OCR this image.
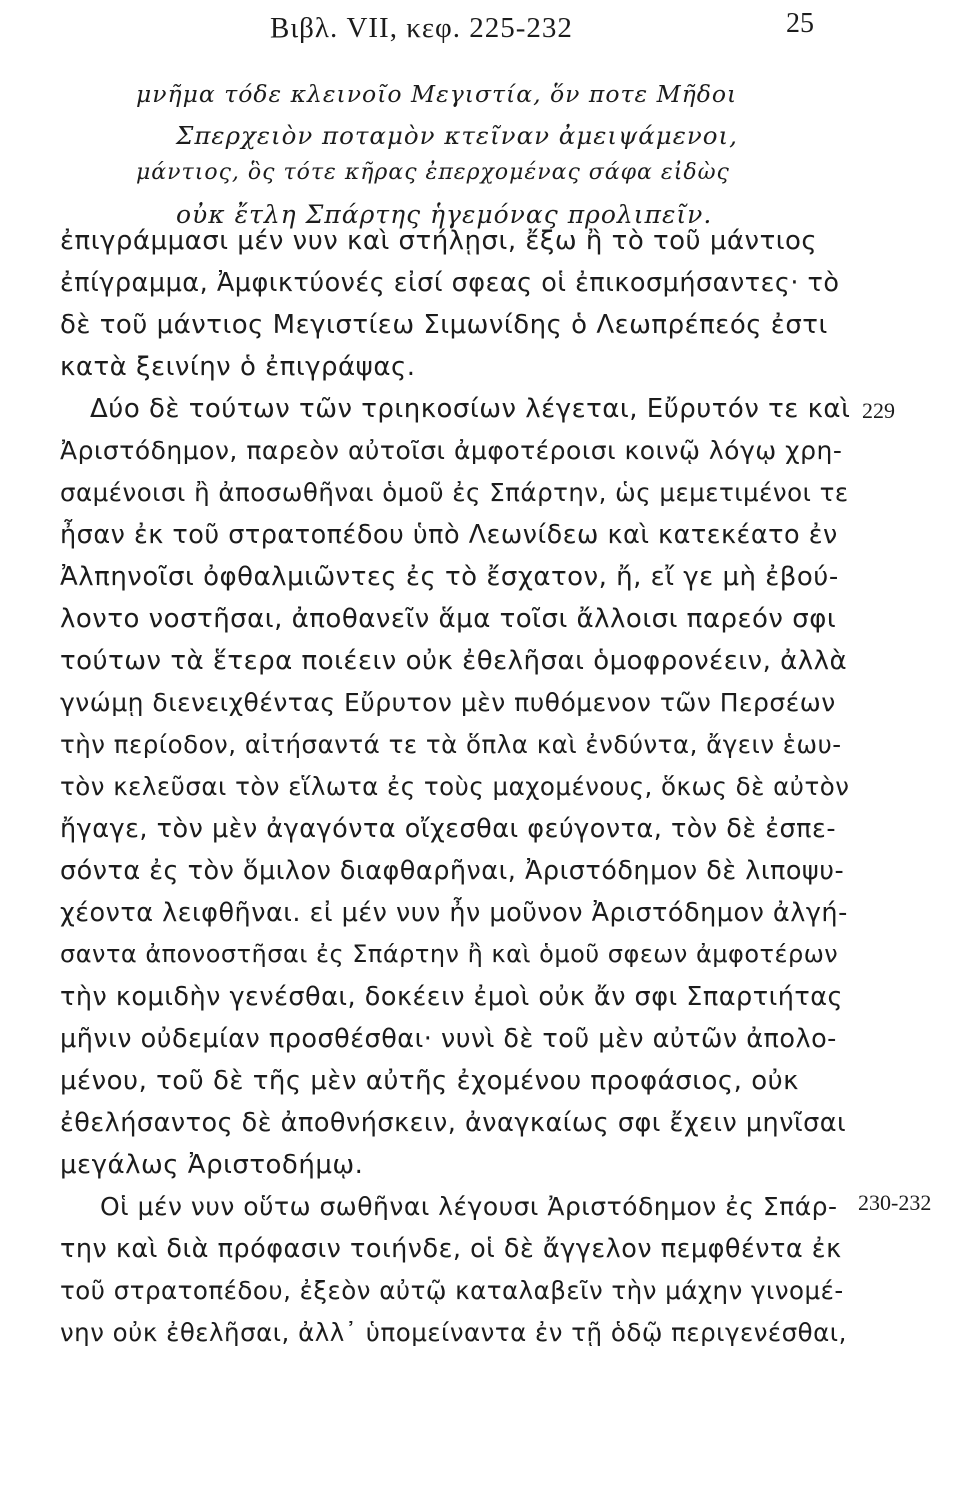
Βιβλ. VII, κεφ. 225-232	25
μνῆμα τόδε κλεινοῖο Μεγιστία, ὅν ποτε Μῆδοι
Σπερχειὸν ποταμὸν κτεῖναν ἀμειψάμενοι,
μάντιος, ὃς τότε κῆρας ἐπερχομένας σάφα εἰδὼς
οὐκ ἔτλη Σπάρτης ἡγεμόνας προλιπεῖν.
ἐπιγράμμασι μέν νυν καὶ στήλῃσι, ἔξω ἢ τὸ τοῦ μάντιος
ἐπίγραμμα, Ἀμφικτύονές εἰσί σφεας οἱ ἐπικοσμήσαντες· τὸ
δὲ τοῦ μάντιος Μεγιστίεω Σιμωνίδης ὁ Λεωπρέπεός ἐστι
κατὰ ξεινίην ὁ ἐπιγράψας.
Δύο δὲ τούτων τῶν τριηκοσίων λέγεται, Εὔρυτόν τε καὶ
Ἀριστόδημον, παρεὸν αὐτοῖσι ἀμφοτέροισι κοινῷ λόγῳ χρη-
σαμένοισι ἢ ἀποσωθῆναι ὁμοῦ ἐς Σπάρτην, ὡς μεμετιμένοι τε
ἦσαν ἐκ τοῦ στρατοπέδου ὑπὸ Λεωνίδεω καὶ κατεκέατο ἐν
Ἀλπηνοῖσι ὀφθαλμιῶντες ἐς τὸ ἔσχατον, ἤ, εἴ γε μὴ ἐβού-
λοντο νοστῆσαι, ἀποθανεῖν ἅμα τοῖσι ἄλλοισι παρεόν σφι
τούτων τὰ ἕτερα ποιέειν οὐκ ἐθελῆσαι ὁμοφρονέειν, ἀλλὰ
γνώμῃ διενειχθέντας Εὔρυτον μὲν πυθόμενον τῶν Περσέων
τὴν περίοδον, αἰτήσαντά τε τὰ ὅπλα καὶ ἐνδύντα, ἄγειν ἑωυ-
τὸν κελεῦσαι τὸν εἵλωτα ἐς τοὺς μαχομένους, ὅκως δὲ αὐτὸν
ἤγαγε, τὸν μὲν ἀγαγόντα οἴχεσθαι φεύγοντα, τὸν δὲ ἐσπε-
σόντα ἐς τὸν ὅμιλον διαφθαρῆναι, Ἀριστόδημον δὲ λιποψυ-
χέοντα λειφθῆναι. εἰ μέν νυν ἦν μοῦνον Ἀριστόδημον ἀλγή-
σαντα ἀπονοστῆσαι ἐς Σπάρτην ἢ καὶ ὁμοῦ σφεων ἀμφοτέρων
τὴν κομιδὴν γενέσθαι, δοκέειν ἐμοὶ οὐκ ἄν σφι Σπαρτιήτας
μῆνιν οὐδεμίαν προσθέσθαι· νυνὶ δὲ τοῦ μὲν αὐτῶν ἀπολο-
μένου, τοῦ δὲ τῆς μὲν αὐτῆς ἐχομένου προφάσιος, οὐκ
ἐθελήσαντος δὲ ἀποθνήσκειν, ἀναγκαίως σφι ἔχειν μηνῖσαι
μεγάλως Ἀριστοδήμῳ.
Οἱ μέν νυν οὕτω σωθῆναι λέγουσι Ἀριστόδημον ἐς Σπάρ-
την καὶ διὰ πρόφασιν τοιήνδε, οἱ δὲ ἄγγελον πεμφθέντα ἐκ
τοῦ στρατοπέδου, ἐξεὸν αὐτῷ καταλαβεῖν τὴν μάχην γινομέ-
νην οὐκ ἐθελῆσαι, ἀλλ᾽ ὑπομείναντα ἐν τῇ ὁδῷ περιγενέσθαι,
229
230-232
